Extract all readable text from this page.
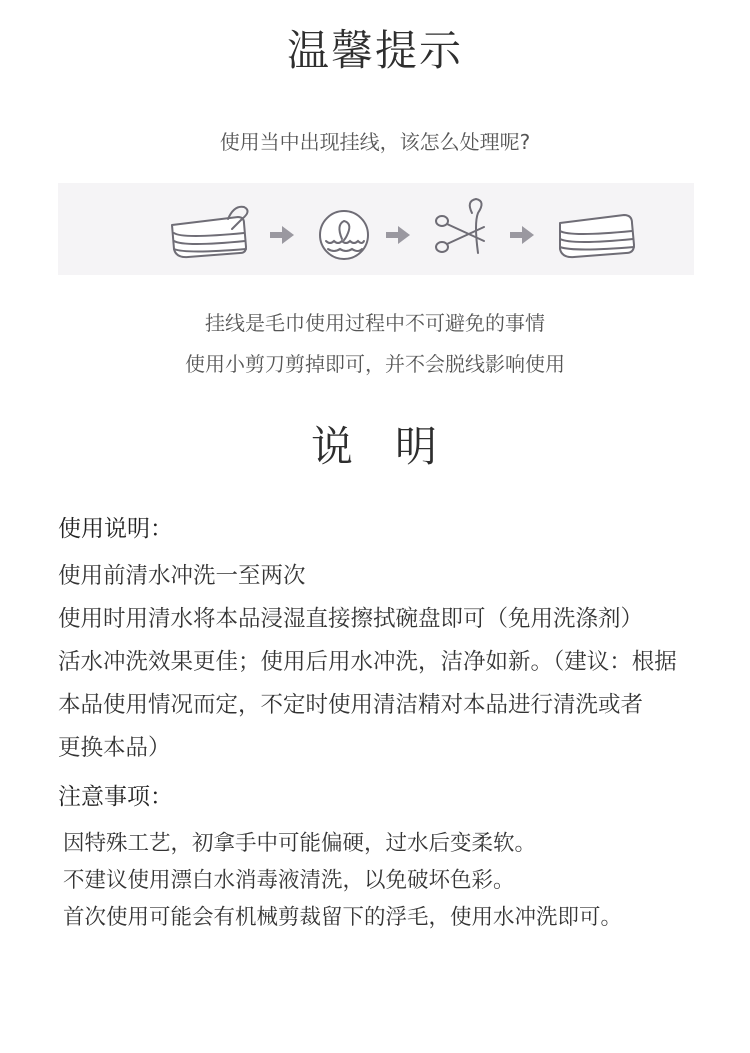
温馨提示
使用当中出现挂线，该怎么处理呢?
挂线是毛巾使用过程中不可避免的事情
使用小剪刀剪掉即可，并不会脱线影响使用
说 明
使用说明：
使用前清水冲洗一至两次
使用时用清水将本品浸湿直接擦拭碗盘即可（免用洗涤剂）
活水冲洗效果更佳；使用后用水冲洗，洁净如新。（建议：根据
本品使用情况而定，不定时使用清洁精对本品进行清洗或者
更换本品）
注意事项：
因特殊工艺，初拿手中可能偏硬，过水后变柔软。
不建议使用漂白水消毒液清洗，以免破坏色彩。
首次使用可能会有机械剪裁留下的浮毛，使用水冲洗即可。
